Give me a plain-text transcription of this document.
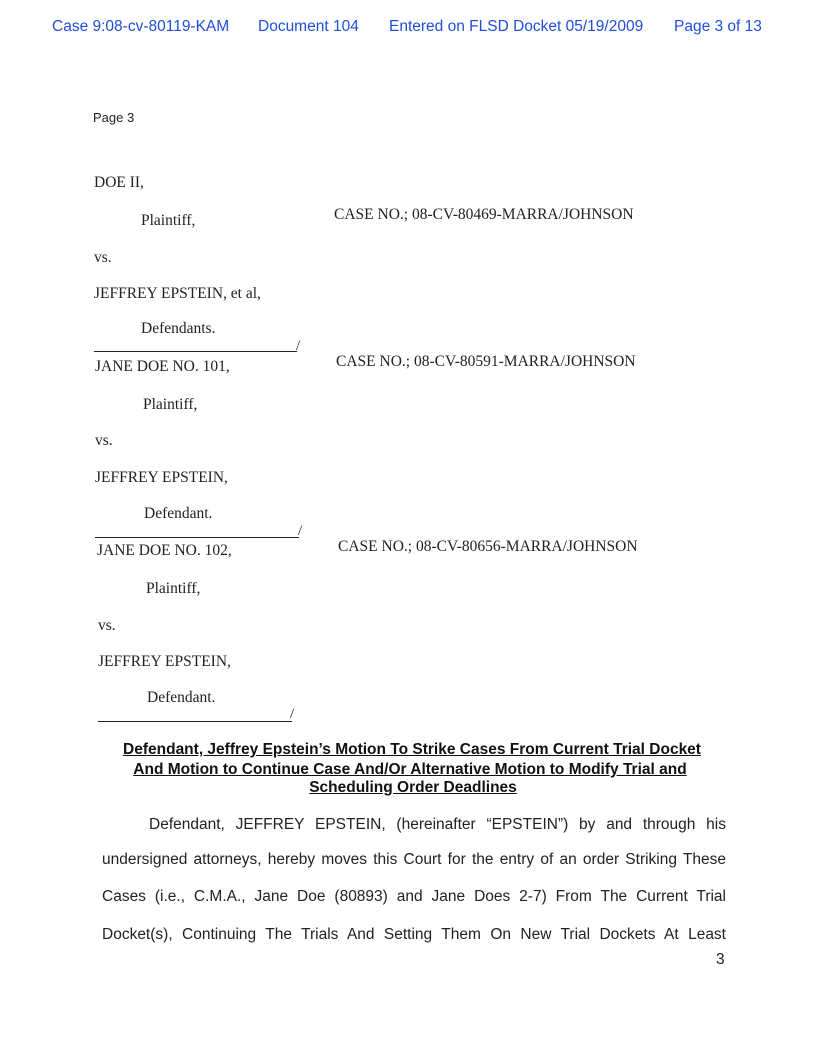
Case 9:08-cv-80119-KAM Document 104 Entered on FLSD Docket 05/19/2009 Page 3 of 13
Page 3
DOE II,
Plaintiff,	CASE NO.; 08-CV-80469-MARRA/JOHNSON
vs.
JEFFREY EPSTEIN, et al,
Defendants.
/
JANE DOE NO. 101,	CASE NO.; 08-CV-80591-MARRA/JOHNSON
Plaintiff,
vs.
JEFFREY EPSTEIN,
Defendant.
/
JANE DOE NO. 102,	CASE NO.; 08-CV-80656-MARRA/JOHNSON
Plaintiff,
vs.
JEFFREY EPSTEIN,
Defendant.
/
Defendant, Jeffrey Epstein’s Motion To Strike Cases From Current Trial Docket
And Motion to Continue Case And/Or Alternative Motion to Modify Trial and
Scheduling Order Deadlines
Defendant, JEFFREY EPSTEIN, (hereinafter “EPSTEIN”) by and through his
undersigned attorneys, hereby moves this Court for the entry of an order Striking These
Cases (i.e., C.M.A., Jane Doe (80893) and Jane Does 2-7) From The Current Trial
Docket(s), Continuing The Trials And Setting Them On New Trial Dockets At Least
3
